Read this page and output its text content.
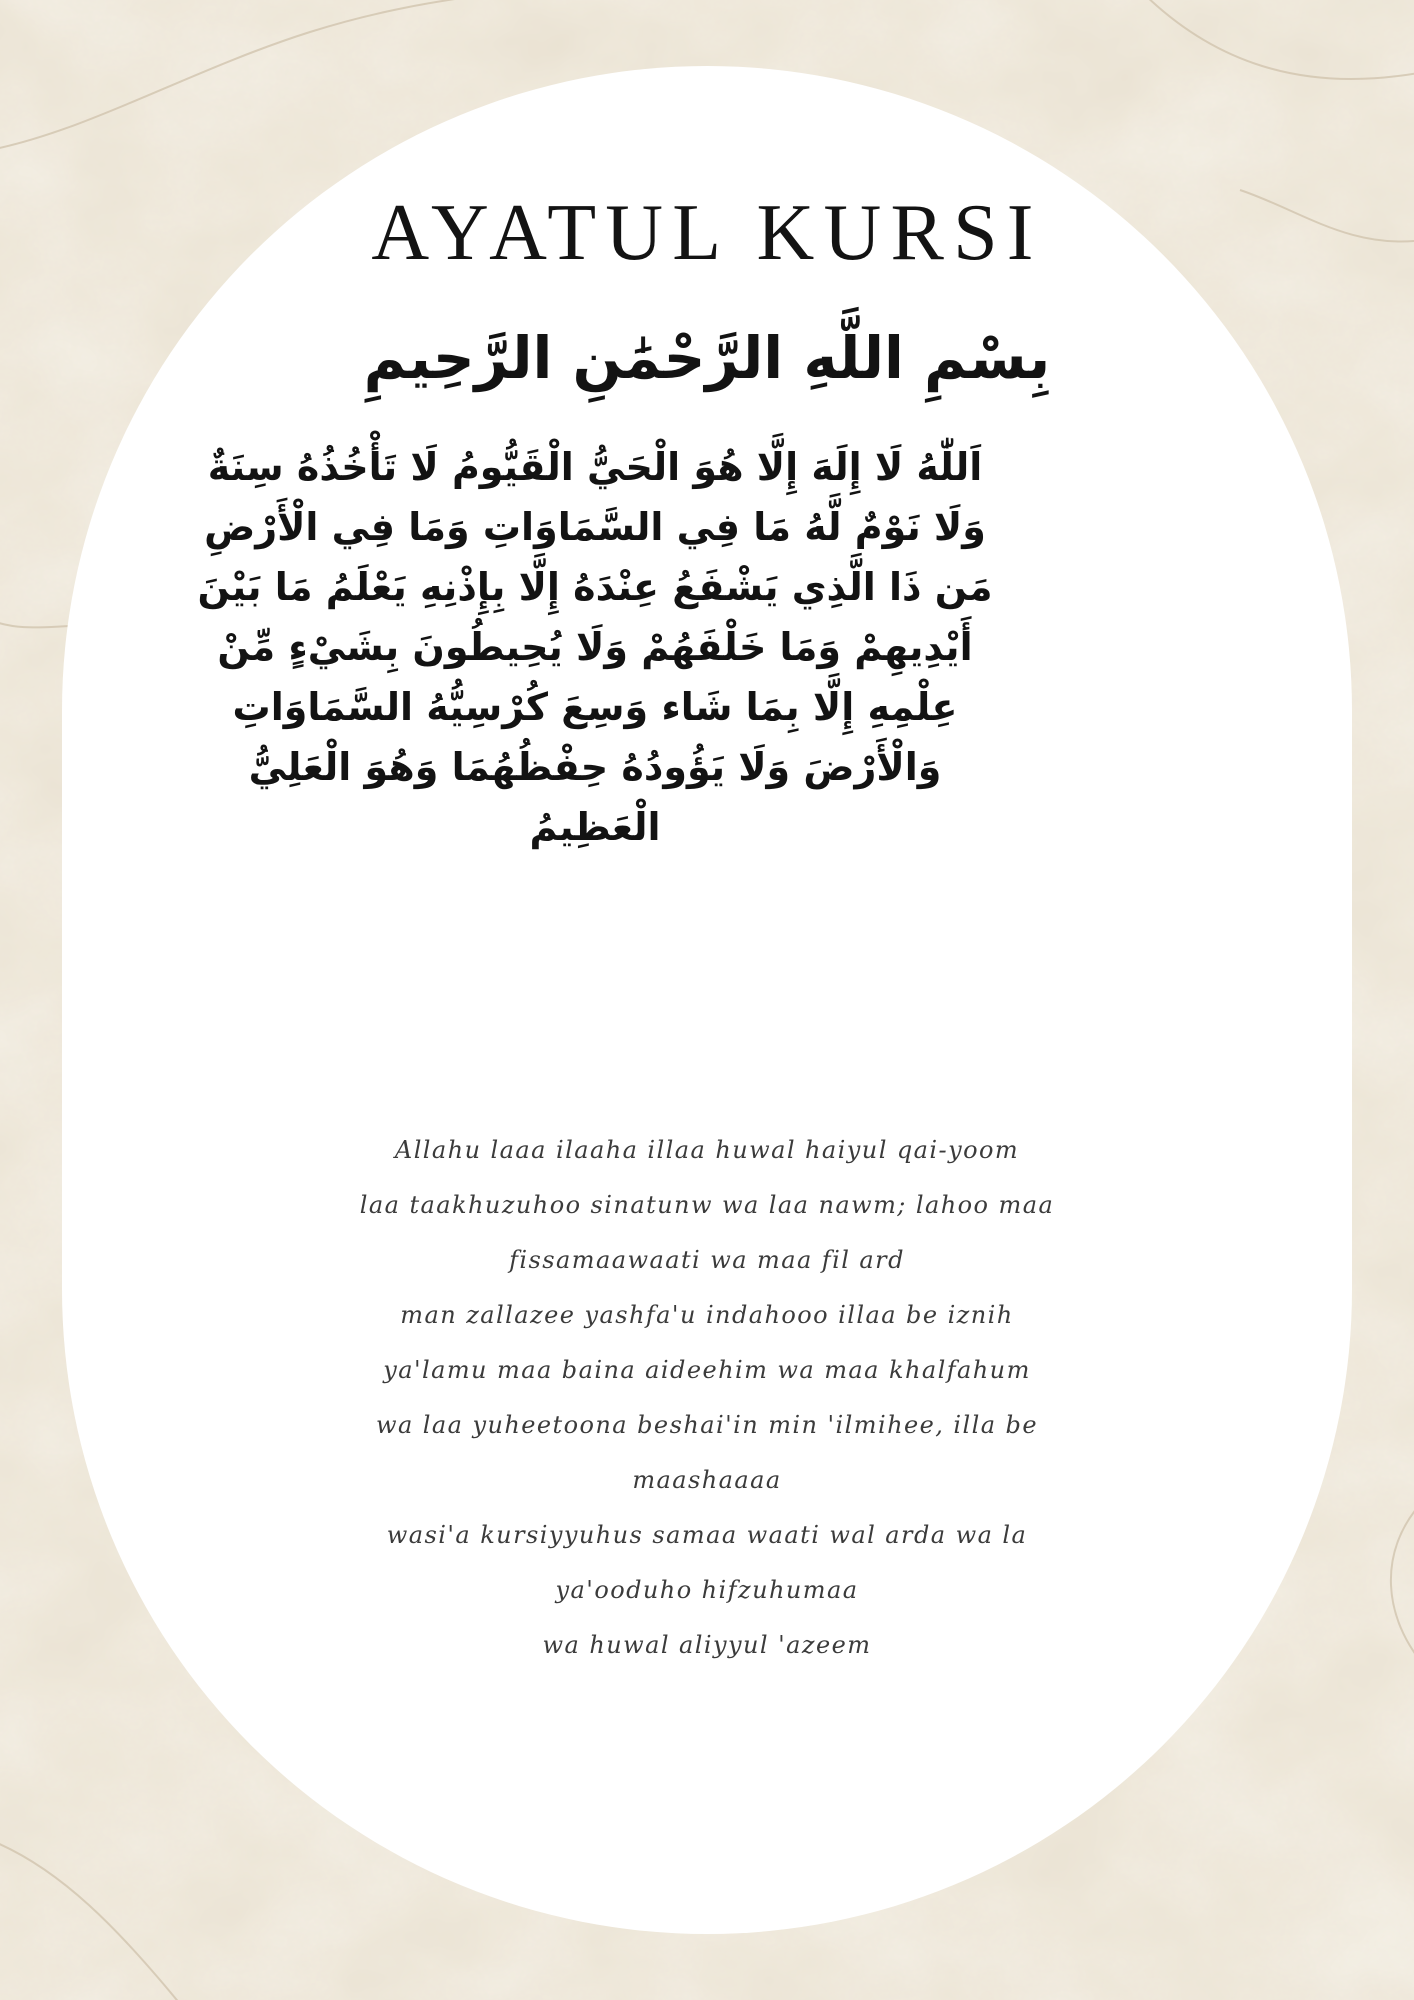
AYATUL KURSI
بِسْمِ اللَّهِ الرَّحْمَٰنِ الرَّحِيمِ
اَللّٰهُ لَا إِلَهَ إِلَّا هُوَ الْحَيُّ الْقَيُّومُ لَا تَأْخُذُهُ سِنَةٌ
وَلَا نَوْمٌ لَّهُ مَا فِي السَّمَاوَاتِ وَمَا فِي الْأَرْضِ
مَن ذَا الَّذِي يَشْفَعُ عِنْدَهُ إِلَّا بِإِذْنِهِ يَعْلَمُ مَا بَيْنَ
أَيْدِيهِمْ وَمَا خَلْفَهُمْ وَلَا يُحِيطُونَ بِشَيْءٍ مِّنْ
عِلْمِهِ إِلَّا بِمَا شَاء وَسِعَ كُرْسِيُّهُ السَّمَاوَاتِ
وَالْأَرْضَ وَلَا يَؤُودُهُ حِفْظُهُمَا وَهُوَ الْعَلِيُّ
الْعَظِيمُ
Allahu laaa ilaaha illaa huwal haiyul qai-yoom
laa taakhuzuhoo sinatunw wa laa nawm; lahoo maa
fissamaawaati wa maa fil ard
man zallazee yashfa'u indahooo illaa be iznih
ya'lamu maa baina aideehim wa maa khalfahum
wa laa yuheetoona beshai'in min 'ilmihee, illa be
maashaaaa
wasi'a kursiyyuhus samaa waati wal arda wa la
ya'ooduho hifzuhumaa
wa huwal aliyyul 'azeem
